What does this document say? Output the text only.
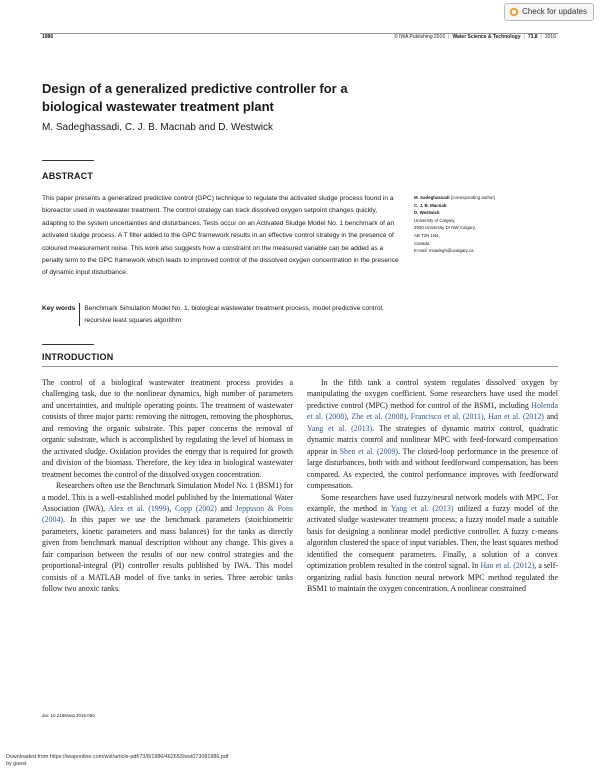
Check for updates
1986	© IWA Publishing 2016 | Water Science & Technology | 73.8 | 2016
Design of a generalized predictive controller for a biological wastewater treatment plant
M. Sadeghassadi, C. J. B. Macnab and D. Westwick
ABSTRACT
This paper presents a generalized predictive control (GPC) technique to regulate the activated sludge process found in a bioreactor used in wastewater treatment. The control strategy can track dissolved oxygen setpoint changes quickly, adapting to the system uncertainties and disturbances. Tests occur on an Activated Sludge Model No. 1 benchmark of an activated sludge process. A T filter added to the GPC framework results in an effective control strategy in the presence of coloured measurement noise. This work also suggests how a constraint on the measured variable can be added as a penalty term to the GPC framework which leads to improved control of the dissolved oxygen concentration in the presence of dynamic input disturbance.
Key words	Benchmark Simulation Model No. 1, biological wastewater treatment process, model predictive control, recursive least squares algorithm
M. Sadeghassadi (corresponding author)
C. J. B. Macnab
D. Westwick
University of Calgary,
2500 University Dr NW Calgary,
AB T2N 1N4,
Canada
E-mail: msadegh@ucalgary.ca
INTRODUCTION

The control of a biological wastewater treatment process provides a challenging task, due to the nonlinear dynamics, high number of parameters and uncertainties, and multiple operating points. The treatment of wastewater consists of three major parts: removing the nitrogen, removing the phosphorus, and removing the organic substrate. This paper concerns the removal of organic substrate, which is accomplished by regulating the level of biomass in the activated sludge. Oxidation provides the energy that is required for growth and division of the biomass. Therefore, the key idea in biological wastewater treatment becomes the control of the dissolved oxygen concentration.

Researchers often use the Benchmark Simulation Model No. 1 (BSM1) for a model. This is a well-established model published by the International Water Association (IWA), Alex et al. (1999), Copp (2002) and Jeppsson & Pons (2004). In this paper we use the benchmark parameters (stoichiometric parameters, kinetic parameters and mass balances) for the tanks as directly given from benchmark manual description without any change. This gives a fair comparison between the results of our new control strategies and the proportional-integral (PI) controller results published by IWA. This model consists of a MATLAB model of five tanks in series. Three aerobic tanks follow two anoxic tanks.

In the fifth tank a control system regulates dissolved oxygen by manipulating the oxygen coefficient. Some researchers have used the model predictive control (MPC) method for control of the BSM1, including Holenda et al. (2008), Zhe et al. (2008), Francisco et al. (2011), Han et al. (2012) and Yang et al. (2013). The strategies of dynamic matrix control, quadratic dynamic matrix control and nonlinear MPC with feed-forward compensation appear in Shen et al. (2009). The closed-loop performance in the presence of large disturbances, both with and without feedforward compensation, has been compared. As expected, the control performance improves with feedforward compensation.

Some researchers have used fuzzy/neural network models with MPC. For example, the method in Yang et al. (2013) utilized a fuzzy model of the activated sludge wastewater treatment process; a fuzzy model made a suitable basis for designing a nonlinear model predictive controller. A fuzzy c-means algorithm clustered the space of input variables. Then, the least squares method identified the consequent parameters. Finally, a solution of a convex optimization problem resulted in the control signal. In Han et al. (2012), a self-organizing radial basis function neural network MPC method regulated the BSM1 to maintain the oxygen concentration. A nonlinear constrained

doi: 10.2166/wst.2016.050
Downloaded from https://iwaponline.com/wst/article-pdf/73/8/1986/462653/wst073081986.pdf
by guest
